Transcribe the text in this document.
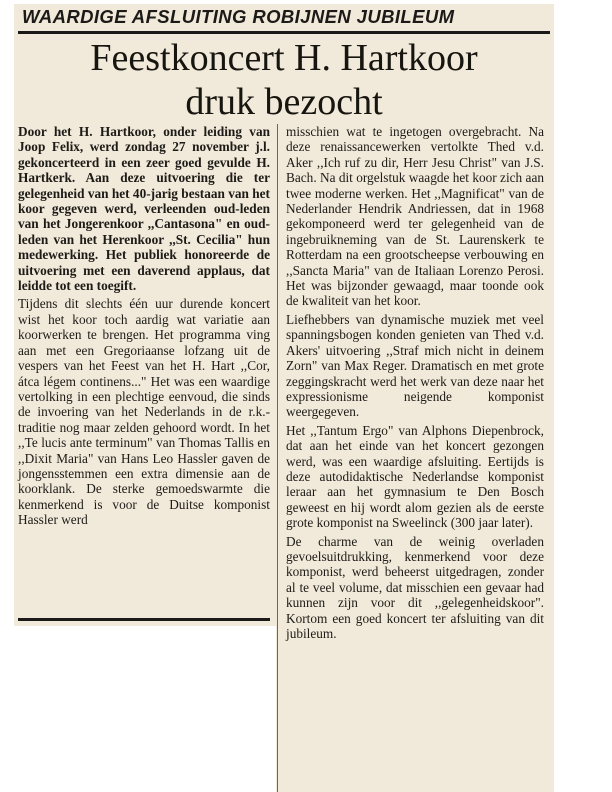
WAARDIGE AFSLUITING ROBIJNEN JUBILEUM
Feestkoncert H. Hartkoor
druk bezocht

Door het H. Hartkoor, onder leiding van Joop Felix, werd zondag 27 november j.l. gekoncerteerd in een zeer goed gevulde H. Hartkerk. Aan deze uitvoering die ter gelegenheid van het 40-jarig bestaan van het koor gegeven werd, verleenden oud-leden van het Jongerenkoor ,,Cantasona" en oud-leden van het Herenkoor ,,St. Cecilia" hun medewerking. Het publiek honoreerde de uitvoering met een daverend applaus, dat leidde tot een toegift.

Tijdens dit slechts één uur durende koncert wist het koor toch aardig wat variatie aan koorwerken te brengen. Het programma ving aan met een Gregoriaanse lofzang uit de vespers van het Feest van het H. Hart ,,Cor, átca légem continens..." Het was een waardige vertolking in een plechtige eenvoud, die sinds de invoering van het Nederlands in de r.k.-traditie nog maar zelden gehoord wordt. In het ,,Te lucis ante terminum" van Thomas Tallis en ,,Dixit Maria" van Hans Leo Hassler gaven de jongensstemmen een extra dimensie aan de koorklank. De sterke gemoedswarmte die kenmerkend is voor de Duitse komponist Hassler werd

misschien wat te ingetogen overgebracht. Na deze renaissancewerken vertolkte Thed v.d. Aker ,,Ich ruf zu dir, Herr Jesu Christ" van J.S. Bach. Na dit orgelstuk waagde het koor zich aan twee moderne werken. Het ,,Magnificat" van de Nederlander Hendrik Andriessen, dat in 1968 gekomponeerd werd ter gelegenheid van de ingebruikneming van de St. Laurenskerk te Rotterdam na een grootscheepse verbouwing en ,,Sancta Maria" van de Italiaan Lorenzo Perosi. Het was bijzonder gewaagd, maar toonde ook de kwaliteit van het koor.

Liefhebbers van dynamische muziek met veel spanningsbogen konden genieten van Thed v.d. Akers' uitvoering ,,Straf mich nicht in deinem Zorn" van Max Reger. Dramatisch en met grote zeggingskracht werd het werk van deze naar het expressionisme neigende komponist weergegeven.

Het ,,Tantum Ergo" van Alphons Diepenbrock, dat aan het einde van het koncert gezongen werd, was een waardige afsluiting. Eertijds is deze autodidaktische Nederlandse komponist leraar aan het gymnasium te Den Bosch geweest en hij wordt alom gezien als de eerste grote komponist na Sweelinck (300 jaar later).

De charme van de weinig overladen gevoelsuitdrukking, kenmerkend voor deze komponist, werd beheerst uitgedragen, zonder al te veel volume, dat misschien een gevaar had kunnen zijn voor dit ,,gelegenheidskoor". Kortom een goed koncert ter afsluiting van dit jubileum.
